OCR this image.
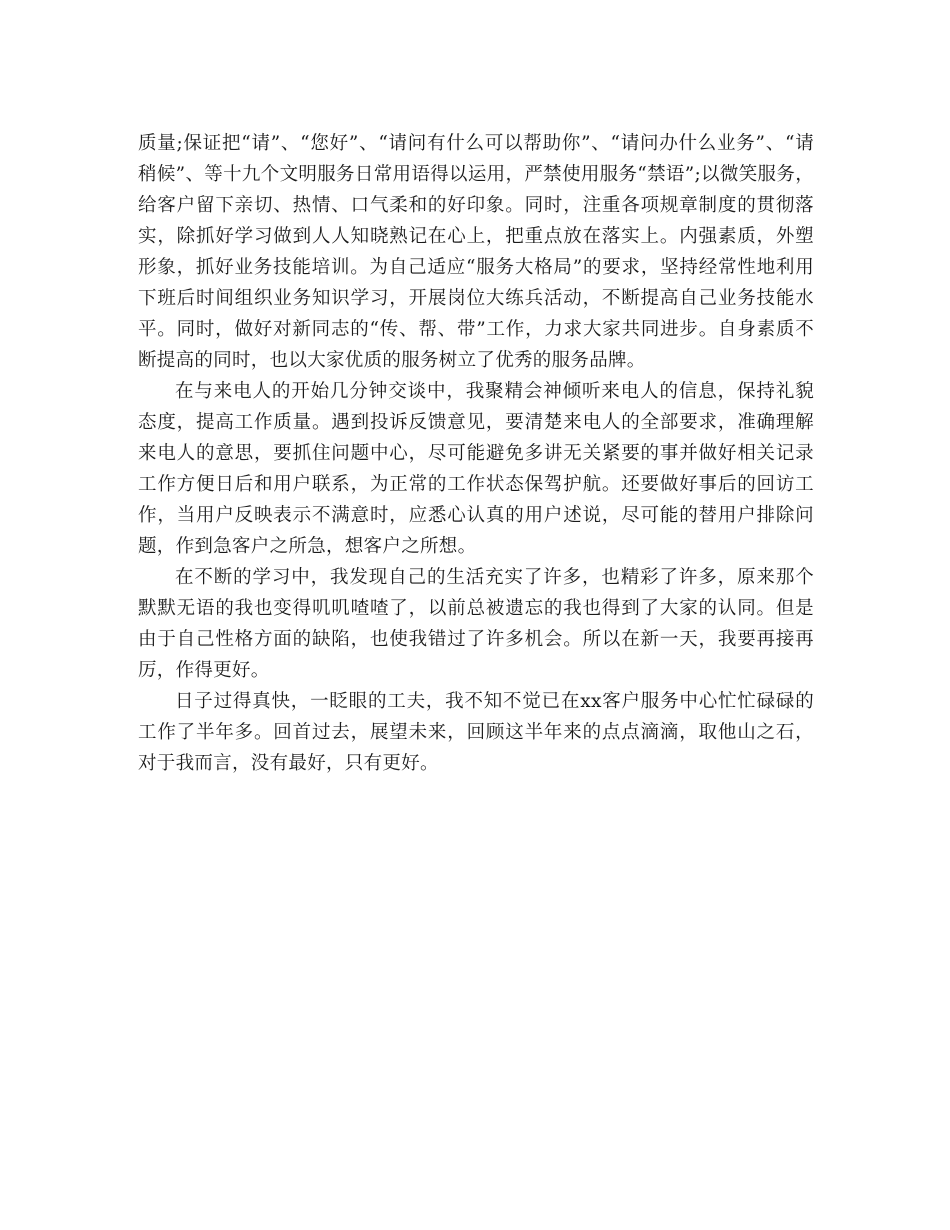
质量;保证把“请”、“您好”、“请问有什么可以帮助你”、“请问办什么业务”、“请稍候”、等十九个文明服务日常用语得以运用，严禁使用服务“禁语”;以微笑服务，给客户留下亲切、热情、口气柔和的好印象。同时，注重各项规章制度的贯彻落实，除抓好学习做到人人知晓熟记在心上，把重点放在落实上。内强素质，外塑形象，抓好业务技能培训。为自己适应“服务大格局”的要求，坚持经常性地利用下班后时间组织业务知识学习，开展岗位大练兵活动，不断提高自己业务技能水平。同时，做好对新同志的“传、帮、带”工作，力求大家共同进步。自身素质不断提高的同时，也以大家优质的服务树立了优秀的服务品牌。

在与来电人的开始几分钟交谈中，我聚精会神倾听来电人的信息，保持礼貌态度，提高工作质量。遇到投诉反馈意见，要清楚来电人的全部要求，准确理解来电人的意思，要抓住问题中心，尽可能避免多讲无关紧要的事并做好相关记录工作方便日后和用户联系，为正常的工作状态保驾护航。还要做好事后的回访工作，当用户反映表示不满意时，应悉心认真的用户述说，尽可能的替用户排除问题，作到急客户之所急，想客户之所想。

在不断的学习中，我发现自己的生活充实了许多，也精彩了许多，原来那个默默无语的我也变得叽叽喳喳了，以前总被遗忘的我也得到了大家的认同。但是由于自己性格方面的缺陷，也使我错过了许多机会。所以在新一天，我要再接再厉，作得更好。

日子过得真快，一眨眼的工夫，我不知不觉已在xx客户服务中心忙忙碌碌的工作了半年多。回首过去，展望未来，回顾这半年来的点点滴滴，取他山之石，对于我而言，没有最好，只有更好。
